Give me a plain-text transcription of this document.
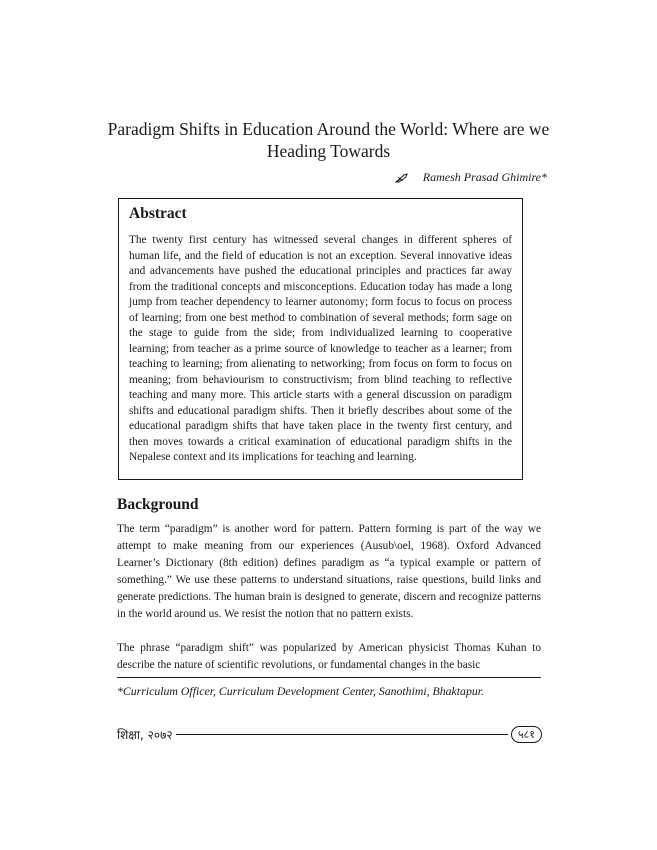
Paradigm Shifts in Education Around the World: Where are we Heading Towards
Ramesh Prasad Ghimire*
Abstract

The twenty first century has witnessed several changes in different spheres of human life, and the field of education is not an exception. Several innovative ideas and advancements have pushed the educational principles and practices far away from the traditional concepts and misconceptions. Education today has made a long jump from teacher dependency to learner autonomy; form focus to focus on process of learning; from one best method to combination of several methods; form sage on the stage to guide from the side; from individualized learning to cooperative learning; from teacher as a prime source of knowledge to teacher as a learner; from teaching to learning; from alienating to networking; from focus on form to focus on meaning; from behaviourism to constructivism; from blind teaching to reflective teaching and many more. This article starts with a general discussion on paradigm shifts and educational paradigm shifts. Then it briefly describes about some of the educational paradigm shifts that have taken place in the twenty first century, and then moves towards a critical examination of educational paradigm shifts in the Nepalese context and its implications for teaching and learning.

Background

The term “paradigm” is another word for pattern. Pattern forming is part of the way we attempt to make meaning from our experiences (Ausub\oel, 1968). Oxford Advanced Learner’s Dictionary (8th edition) defines paradigm as “a typical example or pattern of something.” We use these patterns to understand situations, raise questions, build links and generate predictions. The human brain is designed to generate, discern and recognize patterns in the world around us. We resist the notion that no pattern exists.

The phrase “paradigm shift” was popularized by American physicist Thomas Kuhan to describe the nature of scientific revolutions, or fundamental changes in the basic

*Curriculum Officer, Curriculum Development Center, Sanothimi, Bhaktapur.

शिक्षा, २०७२	५८१
